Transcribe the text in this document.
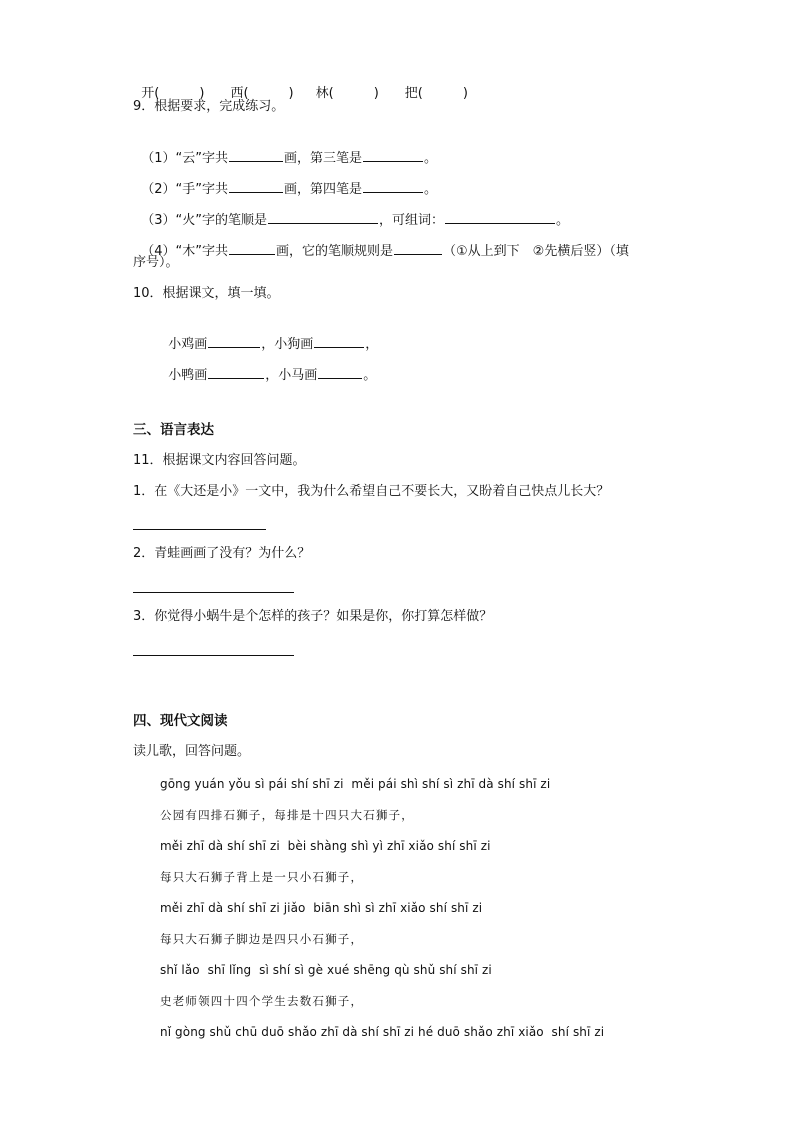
开(	) 西(	) 林(	) 把(	)

9．根据要求，完成练习。

（1）“云”字共	画，第三笔是	。

（2）“手”字共	画，第四笔是	。

（3）“火”字的笔顺是	，可组词：	。

（4）“木”字共	画，它的笔顺规则是	（①从上到下　②先横后竖）（填

序号）。
10．根据课文，填一填。

小鸡画	，小狗画	，

小鸭画	，小马画	。

三、语言表达
11．根据课文内容回答问题。
1．在《大还是小》一文中，我为什么希望自己不要长大，又盼着自己快点儿长大？
2．青蛙画画了没有？为什么？
3．你觉得小蜗牛是个怎样的孩子？如果是你，你打算怎样做？
四、现代文阅读
读儿歌，回答问题。
gōng yuán yǒu sì pái shí shī zi  měi pái shì shí sì zhī dà shí shī zi
公园有四排石狮子，每排是十四只大石狮子，
měi zhī dà shí shī zi  bèi shàng shì yì zhī xiǎo shí shī zi
每只大石狮子背上是一只小石狮子，
měi zhī dà shí shī zi jiǎo  biān shì sì zhī xiǎo shí shī zi
每只大石狮子脚边是四只小石狮子，
shǐ lǎo  shī lǐng  sì shí sì gè xué shēng qù shǔ shí shī zi
史老师领四十四个学生去数石狮子，
nǐ gòng shǔ chū duō shǎo zhī dà shí shī zi hé duō shǎo zhī xiǎo  shí shī zi
